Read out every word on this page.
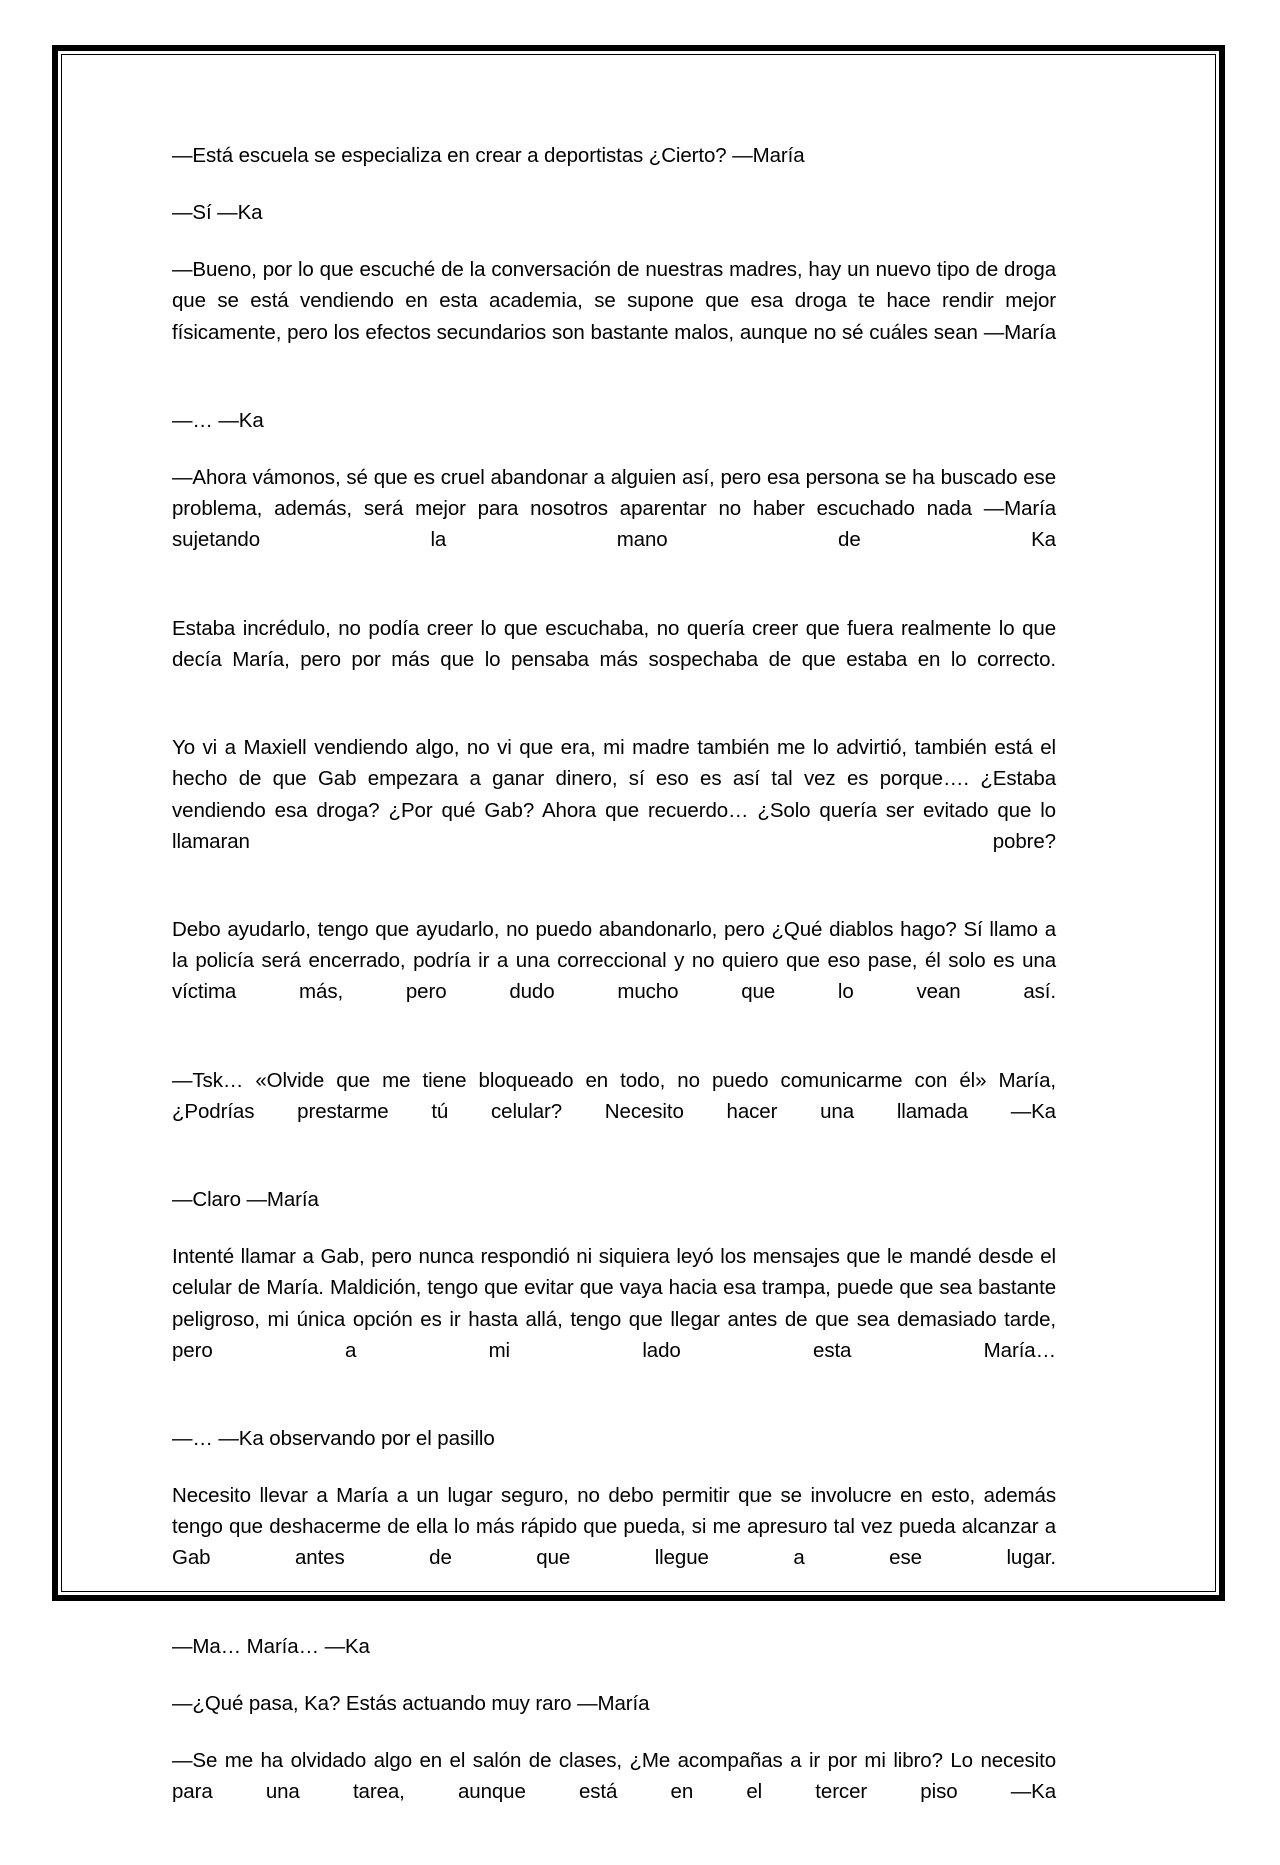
—Está escuela se especializa en crear a deportistas ¿Cierto? —María

—Sí —Ka

—Bueno, por lo que escuché de la conversación de nuestras madres, hay un nuevo tipo de droga que se está vendiendo en esta academia, se supone que esa droga te hace rendir mejor físicamente, pero los efectos secundarios son bastante malos, aunque no sé cuáles sean —María

—… —Ka

—Ahora vámonos, sé que es cruel abandonar a alguien así, pero esa persona se ha buscado ese problema, además, será mejor para nosotros aparentar no haber escuchado nada —María sujetando la mano de Ka

Estaba incrédulo, no podía creer lo que escuchaba, no quería creer que fuera realmente lo que decía María, pero por más que lo pensaba más sospechaba de que estaba en lo correcto.

Yo vi a Maxiell vendiendo algo, no vi que era, mi madre también me lo advirtió, también está el hecho de que Gab empezara a ganar dinero, sí eso es así tal vez es porque…. ¿Estaba vendiendo esa droga? ¿Por qué Gab? Ahora que recuerdo… ¿Solo quería ser evitado que lo llamaran pobre?

Debo ayudarlo, tengo que ayudarlo, no puedo abandonarlo, pero ¿Qué diablos hago? Sí llamo a la policía será encerrado, podría ir a una correccional y no quiero que eso pase, él solo es una víctima más, pero dudo mucho que lo vean así.

—Tsk… «Olvide que me tiene bloqueado en todo, no puedo comunicarme con él» María, ¿Podrías prestarme tú celular? Necesito hacer una llamada —Ka

—Claro —María

Intenté llamar a Gab, pero nunca respondió ni siquiera leyó los mensajes que le mandé desde el celular de María. Maldición, tengo que evitar que vaya hacia esa trampa, puede que sea bastante peligroso, mi única opción es ir hasta allá, tengo que llegar antes de que sea demasiado tarde, pero a mi lado esta María…

—… —Ka observando por el pasillo

Necesito llevar a María a un lugar seguro, no debo permitir que se involucre en esto, además tengo que deshacerme de ella lo más rápido que pueda, si me apresuro tal vez pueda alcanzar a Gab antes de que llegue a ese lugar.

—Ma… María… —Ka

—¿Qué pasa, Ka? Estás actuando muy raro —María

—Se me ha olvidado algo en el salón de clases, ¿Me acompañas a ir por mi libro? Lo necesito para una tarea, aunque está en el tercer piso —Ka
